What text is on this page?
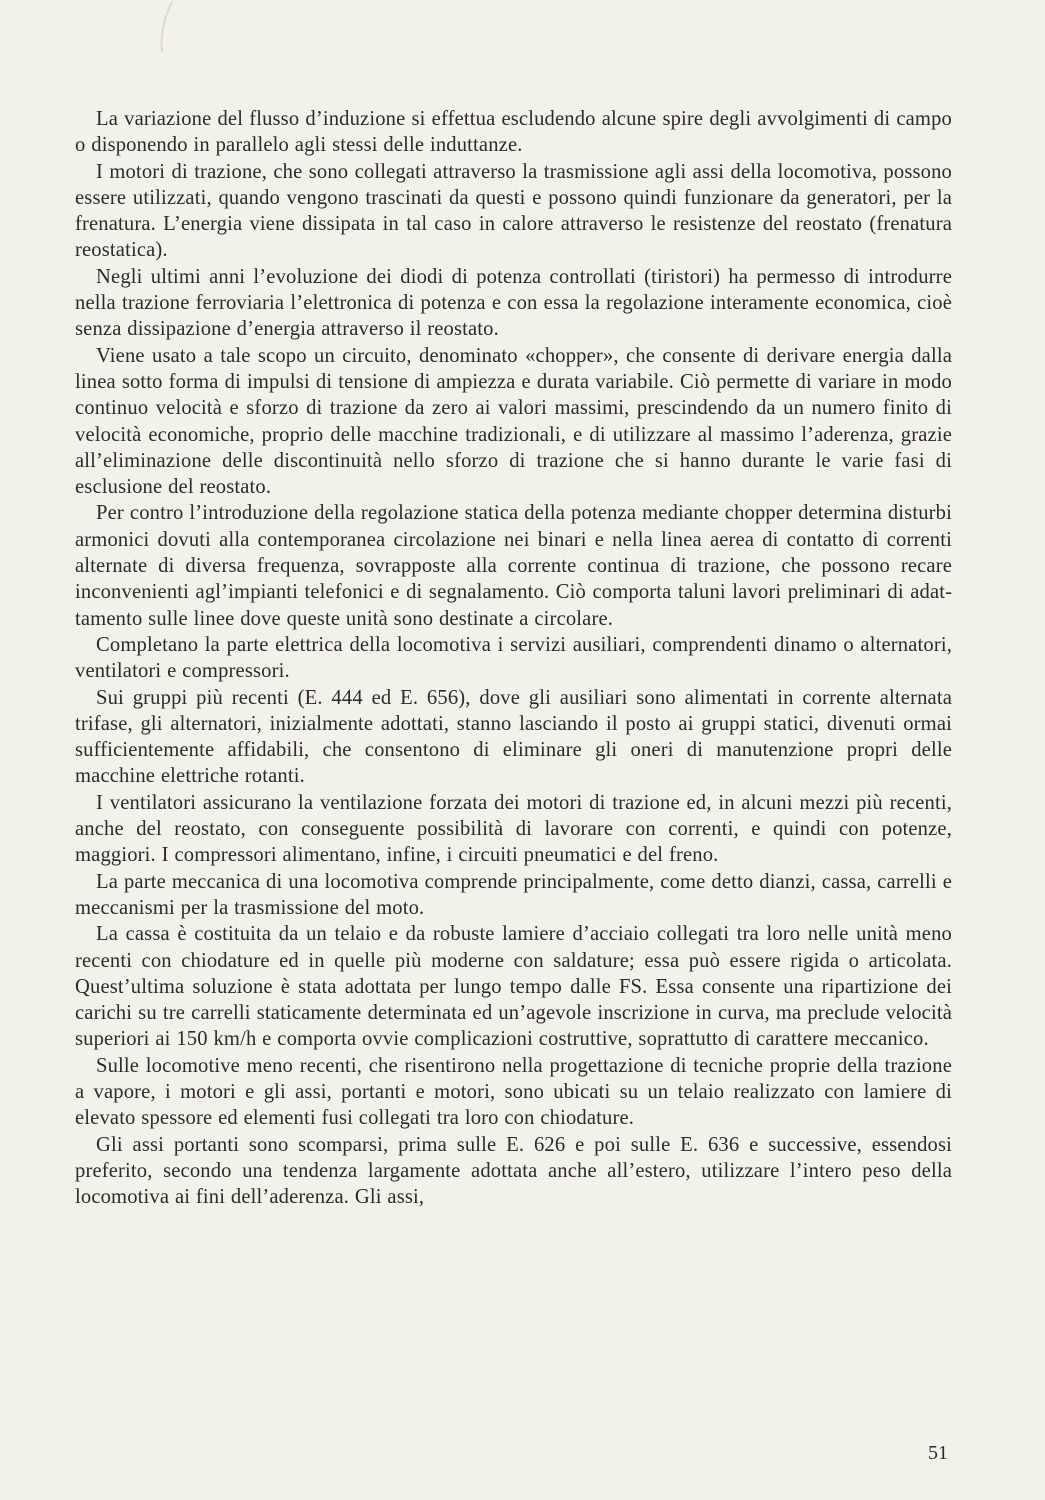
La variazione del flusso d’induzione si effettua escludendo alcune spire degli avvolgimenti di campo o disponendo in parallelo agli stessi delle induttanze.

I motori di trazione, che sono collegati attraverso la trasmissione agli assi della locomotiva, possono essere utilizzati, quando vengono trascinati da questi e possono quindi funzionare da generatori, per la frenatura. L’energia viene dissipata in tal caso in calore attraverso le resistenze del reostato (frenatura reostatica).

Negli ultimi anni l’evoluzione dei diodi di potenza controllati (tiristori) ha permesso di introdurre nella trazione ferroviaria l’elettronica di potenza e con essa la regolazione interamente economica, cioè senza dissipazione d’energia attraverso il reostato.

Viene usato a tale scopo un circuito, denominato «chopper», che consente di derivare energia dalla linea sotto forma di impulsi di tensione di ampiezza e durata variabile. Ciò permette di variare in modo continuo velocità e sforzo di trazione da zero ai valori massimi, prescindendo da un numero finito di velocità economiche, proprio delle macchine tradizionali, e di utilizzare al massimo l’aderenza, grazie all’eliminazione delle discontinuità nello sforzo di trazione che si hanno durante le varie fasi di esclusione del reostato.

Per contro l’introduzione della regolazione statica della potenza mediante chopper determina disturbi armonici dovuti alla contemporanea circolazione nei binari e nella linea aerea di contatto di correnti alternate di diversa frequenza, sovrapposte alla corrente continua di trazione, che possono recare inconvenienti agl’impianti telefonici e di segnalamento. Ciò comporta taluni lavori preliminari di adattamento sulle linee dove queste unità sono destinate a circolare.

Completano la parte elettrica della locomotiva i servizi ausiliari, comprendenti dinamo o alternatori, ventilatori e compressori.

Sui gruppi più recenti (E. 444 ed E. 656), dove gli ausiliari sono alimentati in corrente alternata trifase, gli alternatori, inizialmente adottati, stanno lasciando il posto ai gruppi statici, divenuti ormai sufficientemente affidabili, che consentono di eliminare gli oneri di manutenzione propri delle macchine elettriche rotanti.

I ventilatori assicurano la ventilazione forzata dei motori di trazione ed, in alcuni mezzi più recenti, anche del reostato, con conseguente possibilità di lavorare con correnti, e quindi con potenze, maggiori. I compressori alimentano, infine, i circuiti pneumatici e del freno.

La parte meccanica di una locomotiva comprende principalmente, come detto dianzi, cassa, carrelli e meccanismi per la trasmissione del moto.

La cassa è costituita da un telaio e da robuste lamiere d’acciaio collegati tra loro nelle unità meno recenti con chiodature ed in quelle più moderne con saldature; essa può essere rigida o articolata. Quest’ultima soluzione è stata adottata per lungo tempo dalle FS. Essa consente una ripartizione dei carichi su tre carrelli staticamente determinata ed un’agevole inscrizione in curva, ma preclude velocità superiori ai 150 km/h e comporta ovvie complicazioni costruttive, soprattutto di carattere meccanico.

Sulle locomotive meno recenti, che risentirono nella progettazione di tecniche proprie della trazione a vapore, i motori e gli assi, portanti e motori, sono ubicati su un telaio realizzato con lamiere di elevato spessore ed elementi fusi collegati tra loro con chiodature.

Gli assi portanti sono scomparsi, prima sulle E. 626 e poi sulle E. 636 e successive, essendosi preferito, secondo una tendenza largamente adottata anche all’estero, utilizzare l’intero peso della locomotiva ai fini dell’aderenza. Gli assi,

51
